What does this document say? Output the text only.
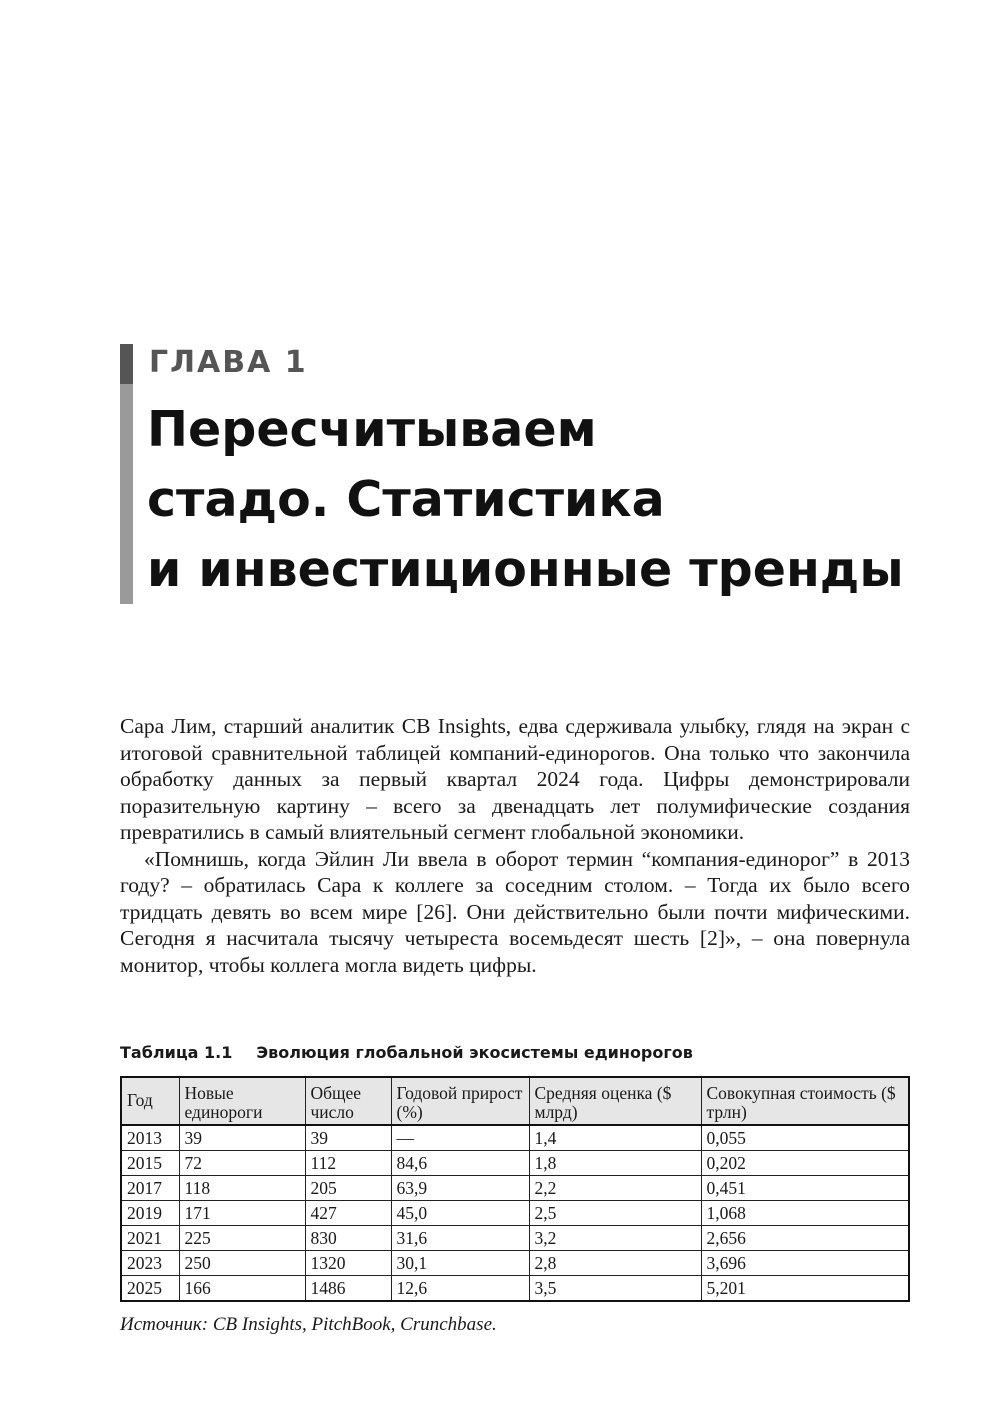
ГЛАВА 1
Пересчитываем
стадо. Статистика
и инвестиционные тренды

Сара Лим, старший аналитик CB Insights, едва сдерживала улыбку, глядя на экран с итоговой сравнительной таблицей компаний-единорогов. Она только что закончила обработку данных за первый квартал 2024 года. Цифры демонстрировали поразительную картину – всего за двенадцать лет полумифические создания превратились в самый влиятельный сегмент глобальной экономики.

«Помнишь, когда Эйлин Ли ввела в оборот термин “компания-единорог” в 2013 году? – обратилась Сара к коллеге за соседним столом. – Тогда их было всего тридцать девять во всем мире [26]. Они действительно были почти мифическими. Сегодня я насчитала тысячу четыреста восемьдесят шесть [2]», – она повернула монитор, чтобы коллега могла видеть цифры.

Таблица 1.1 Эволюция глобальной экосистемы единорогов
Год	Новые единороги	Общее число	Годовой прирост (%)	Средняя оценка ($ млрд)	Совокупная стоимость ($ трлн)
2013	39	39	—	1,4	0,055
2015	72	112	84,6	1,8	0,202
2017	118	205	63,9	2,2	0,451
2019	171	427	45,0	2,5	1,068
2021	225	830	31,6	3,2	2,656
2023	250	1320	30,1	2,8	3,696
2025	166	1486	12,6	3,5	5,201
Источник: CB Insights, PitchBook, Crunchbase.
